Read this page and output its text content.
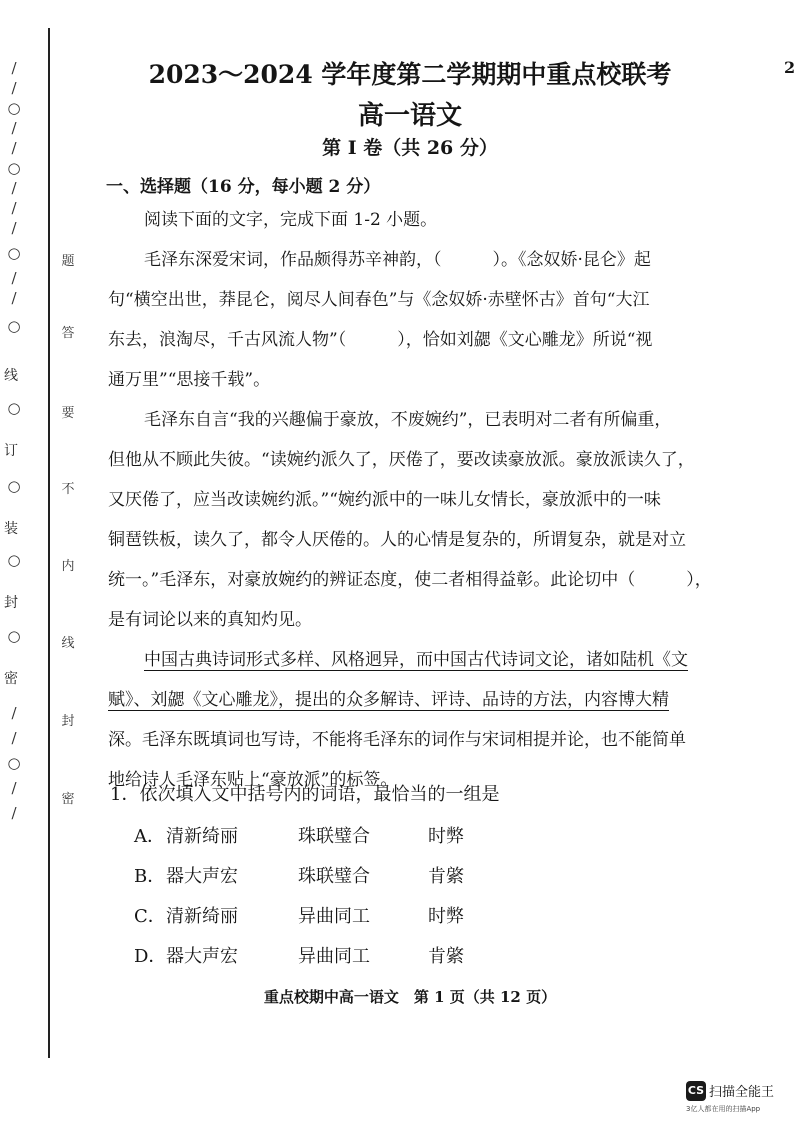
/
/
○
/
/
○
/
/
/
○
/
/
○
线
○
订
○
装
○
封
○
密
/
/
○
/
/
题
答
要
不
内
线
封
密
2
2023～2024 学年度第二学期期中重点校联考
高一语文
第 I 卷（共 26 分）
一、选择题（16 分，每小题 2 分）
阅读下面的文字，完成下面 1-2 小题。
毛泽东深爱宋词，作品颇得苏辛神韵，（　　　）。《念奴娇·昆仑》起
句“横空出世，莽昆仑，阅尽人间春色”与《念奴娇·赤壁怀古》首句“大江
东去，浪淘尽，千古风流人物”（　　　），恰如刘勰《文心雕龙》所说“视
通万里”“思接千载”。
毛泽东自言“我的兴趣偏于豪放，不废婉约”，已表明对二者有所偏重，
但他从不顾此失彼。“读婉约派久了，厌倦了，要改读豪放派。豪放派读久了，
又厌倦了，应当改读婉约派。”“婉约派中的一味儿女情长，豪放派中的一味
铜琶铁板，读久了，都令人厌倦的。人的心情是复杂的，所谓复杂，就是对立
统一。”毛泽东，对豪放婉约的辨证态度，使二者相得益彰。此论切中（　　　），
是有词论以来的真知灼见。
中国古典诗词形式多样、风格迥异，而中国古代诗词文论，诸如陆机《文
赋》、刘勰《文心雕龙》，提出的众多解诗、评诗、品诗的方法，内容博大精
深。毛泽东既填词也写诗，不能将毛泽东的词作与宋词相提并论，也不能简单
地给诗人毛泽东贴上“豪放派”的标签。
1．依次填入文中括号内的词语，最恰当的一组是
A．清新绮丽	珠联璧合	时弊
B．器大声宏	珠联璧合	肯綮
C．清新绮丽	异曲同工	时弊
D．器大声宏	异曲同工	肯綮
重点校期中高一语文　第 1 页（共 12 页）
CS 扫描全能王
3亿人都在用的扫描App
